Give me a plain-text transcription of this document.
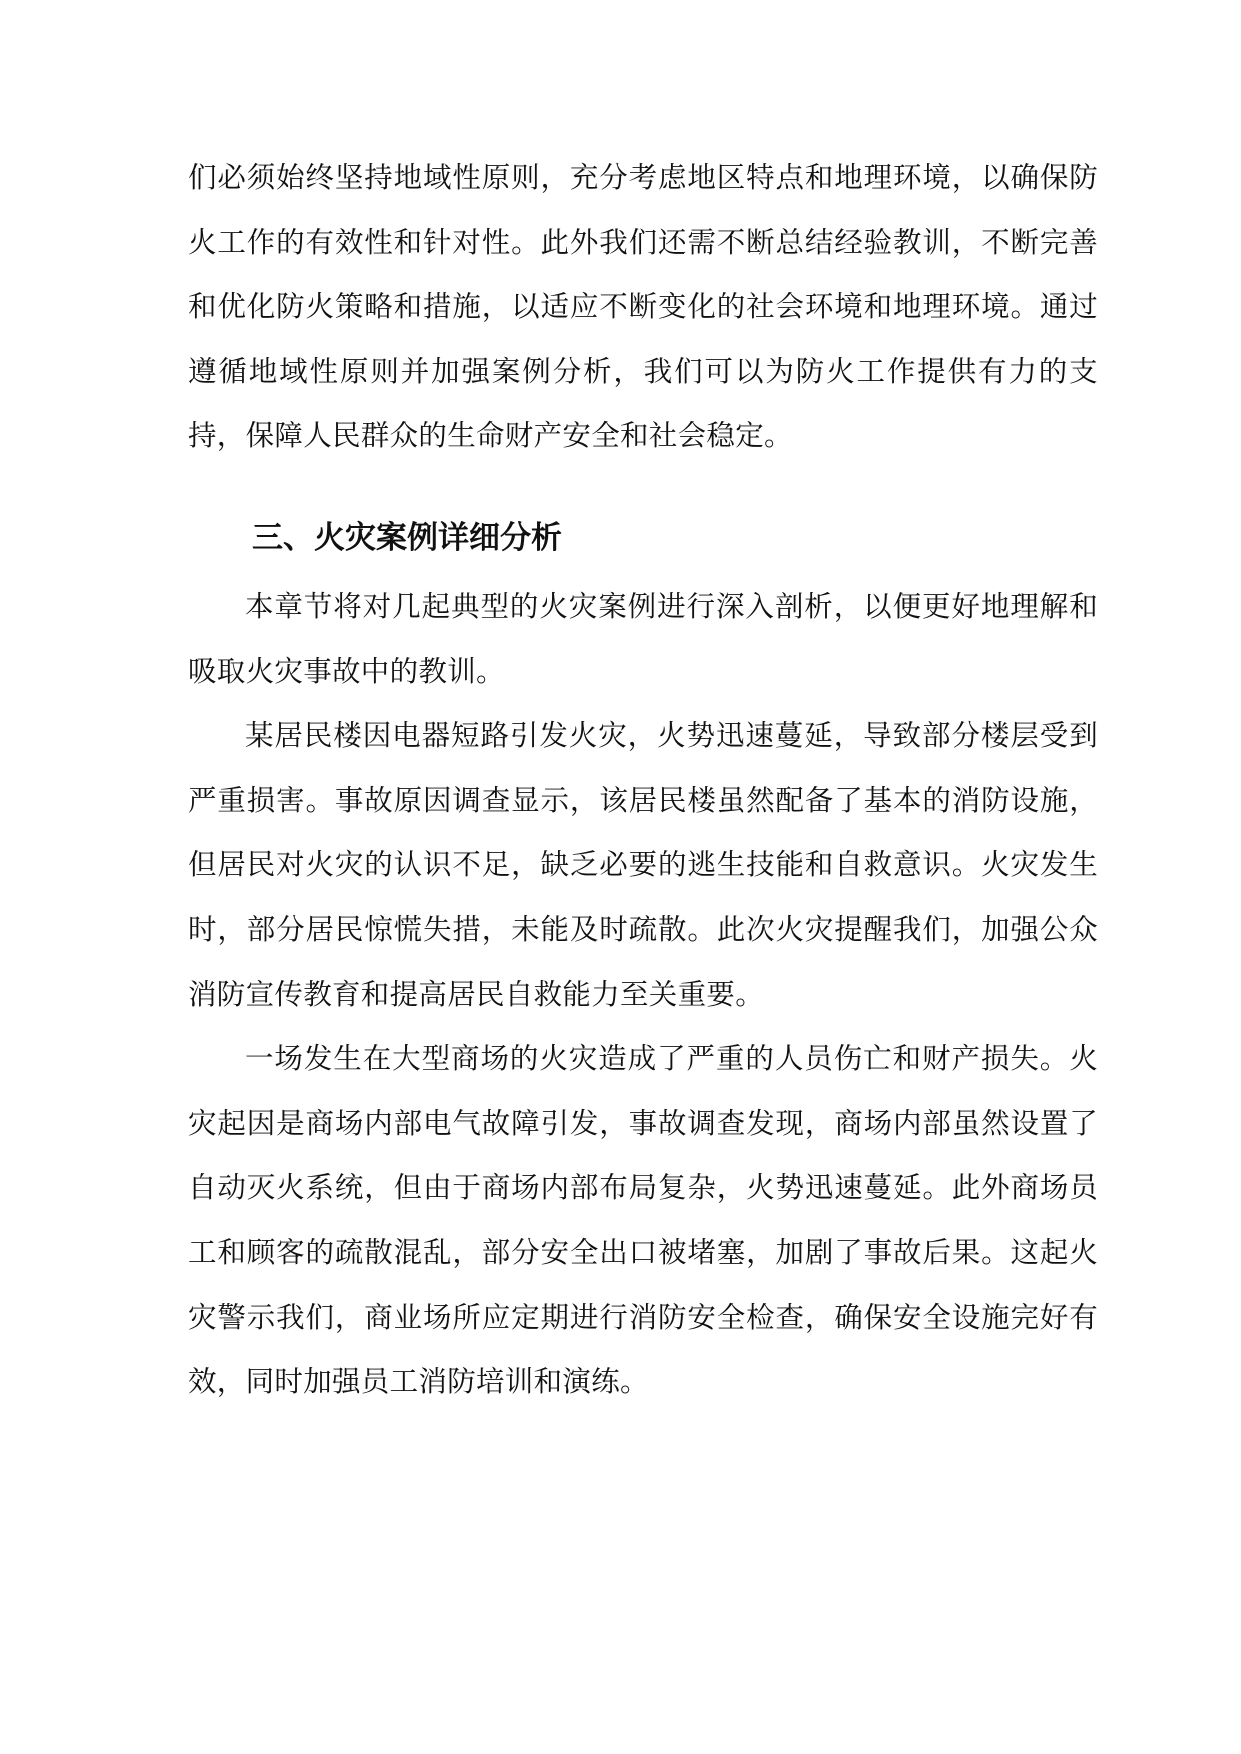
们必须始终坚持地域性原则，充分考虑地区特点和地理环境，以确保防火工作的有效性和针对性。此外我们还需不断总结经验教训，不断完善和优化防火策略和措施，以适应不断变化的社会环境和地理环境。通过遵循地域性原则并加强案例分析，我们可以为防火工作提供有力的支持，保障人民群众的生命财产安全和社会稳定。

三、火灾案例详细分析

本章节将对几起典型的火灾案例进行深入剖析，以便更好地理解和吸取火灾事故中的教训。

某居民楼因电器短路引发火灾，火势迅速蔓延，导致部分楼层受到严重损害。事故原因调查显示，该居民楼虽然配备了基本的消防设施，但居民对火灾的认识不足，缺乏必要的逃生技能和自救意识。火灾发生时，部分居民惊慌失措，未能及时疏散。此次火灾提醒我们，加强公众消防宣传教育和提高居民自救能力至关重要。

一场发生在大型商场的火灾造成了严重的人员伤亡和财产损失。火灾起因是商场内部电气故障引发，事故调查发现，商场内部虽然设置了自动灭火系统，但由于商场内部布局复杂，火势迅速蔓延。此外商场员工和顾客的疏散混乱，部分安全出口被堵塞，加剧了事故后果。这起火灾警示我们，商业场所应定期进行消防安全检查，确保安全设施完好有效，同时加强员工消防培训和演练。
